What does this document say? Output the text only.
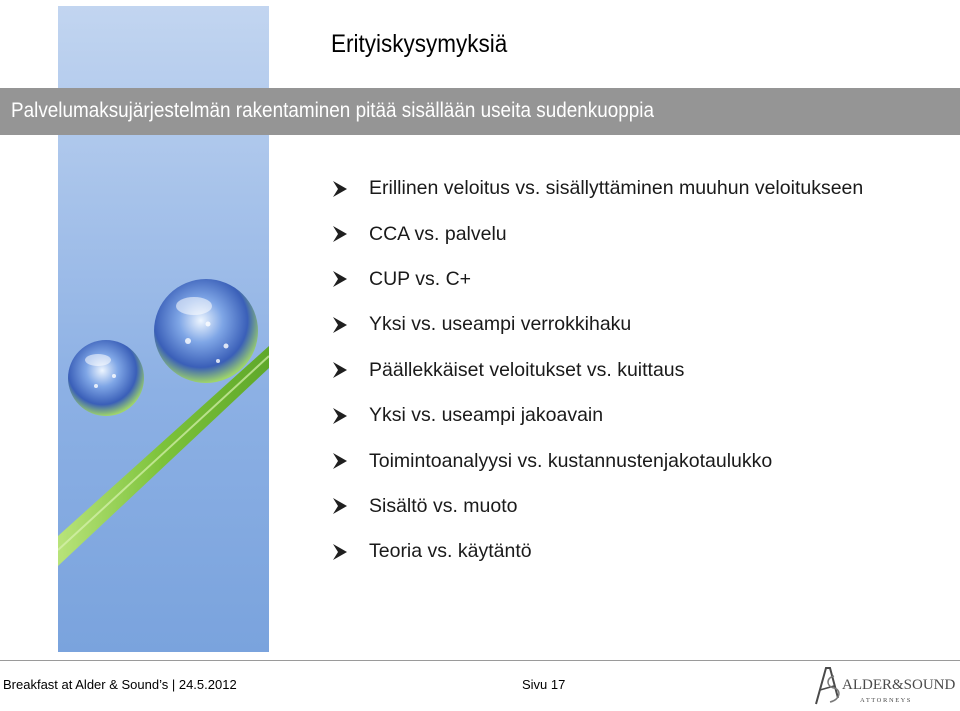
Erityiskysymyksiä
Palvelumaksujärjestelmän rakentaminen pitää sisällään useita sudenkuoppia
Erillinen veloitus vs. sisällyttäminen muuhun veloitukseen
CCA vs. palvelu
CUP vs. C+
Yksi vs. useampi verrokkihaku
Päällekkäiset veloitukset vs. kuittaus
Yksi vs. useampi jakoavain
Toimintoanalyysi vs. kustannustenjakotaulukko
Sisältö vs. muoto
Teoria vs. käytäntö
Breakfast at Alder & Sound’s | 24.5.2012	Sivu 17	ALDER&SOUND
A T T O R N E Y S
